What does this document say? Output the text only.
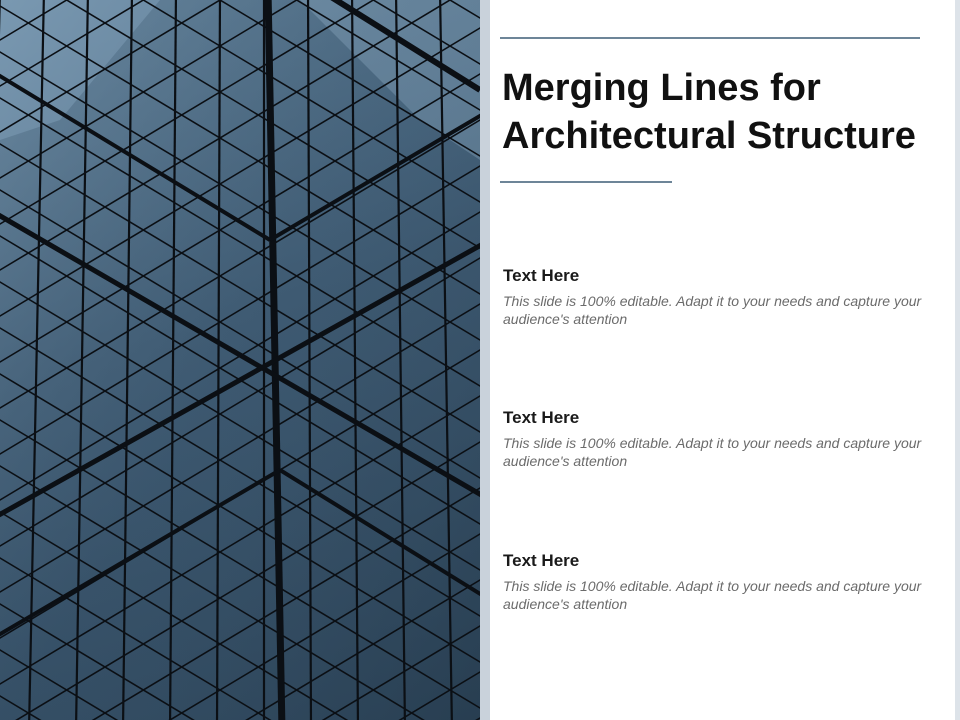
Merging Lines for
Architectural Structure

Text Here

This slide is 100% editable. Adapt it to your needs and capture your audience's attention

Text Here

This slide is 100% editable. Adapt it to your needs and capture your audience's attention

Text Here

This slide is 100% editable. Adapt it to your needs and capture your audience's attention
